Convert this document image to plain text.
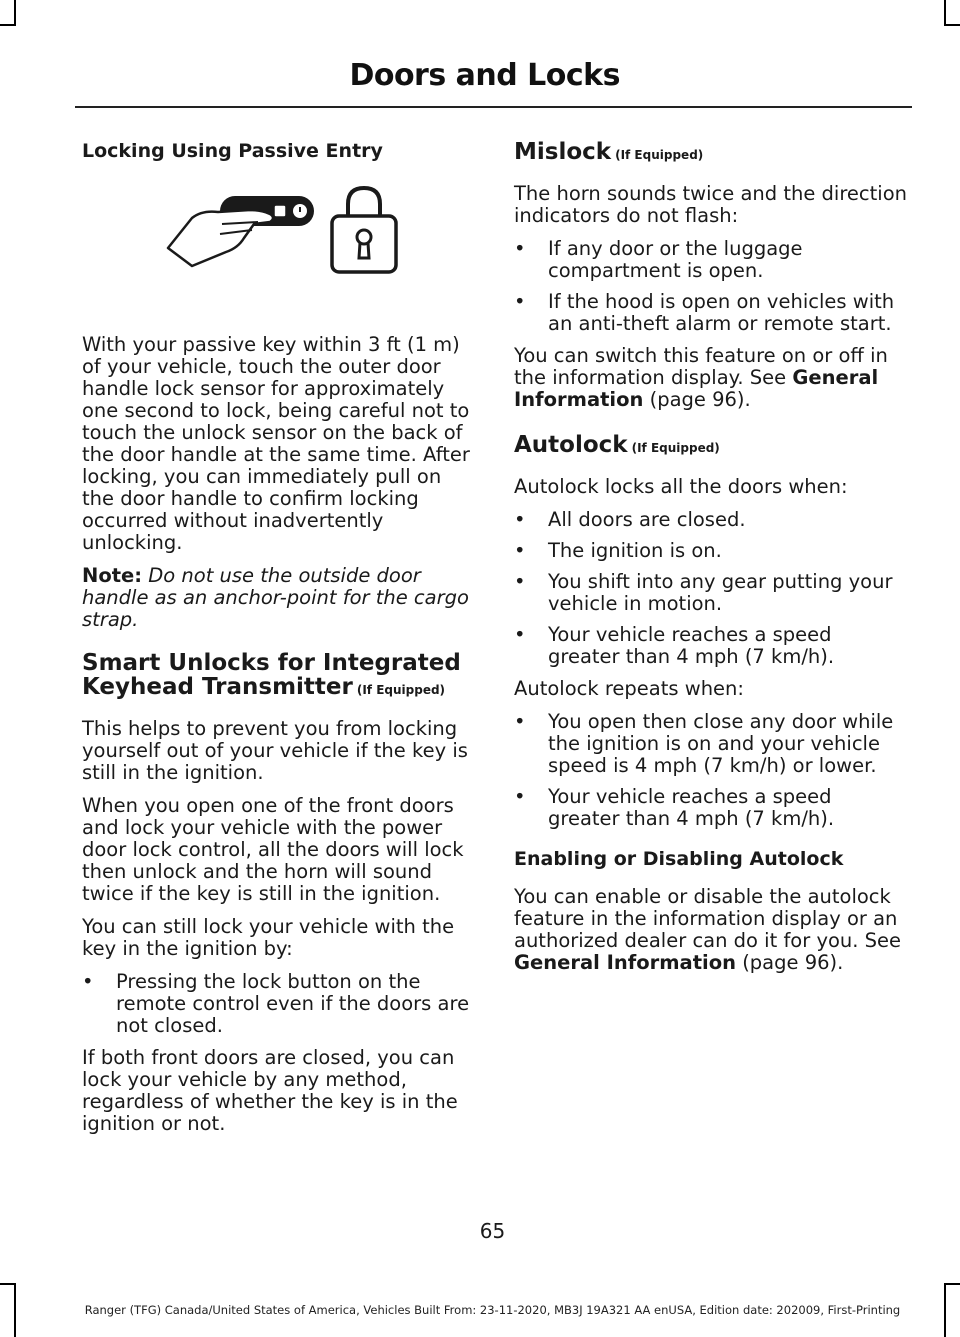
Doors and Locks
Locking Using Passive Entry
With your passive key within 3 ft (1 m) of your vehicle, touch the outer door handle lock sensor for approximately one second to lock, being careful not to touch the unlock sensor on the back of the door handle at the same time. After locking, you can immediately pull on the door handle to confirm locking occurred without inadvertently unlocking.
Note: Do not use the outside door handle as an anchor-point for the cargo strap.
Smart Unlocks for Integrated Keyhead Transmitter (If Equipped)
This helps to prevent you from locking yourself out of your vehicle if the key is still in the ignition.
When you open one of the front doors and lock your vehicle with the power door lock control, all the doors will lock then unlock and the horn will sound twice if the key is still in the ignition.
You can still lock your vehicle with the key in the ignition by:
• Pressing the lock button on the remote control even if the doors are not closed.
If both front doors are closed, you can lock your vehicle by any method, regardless of whether the key is in the ignition or not.
Mislock (If Equipped)
The horn sounds twice and the direction indicators do not flash:
• If any door or the luggage compartment is open.
• If the hood is open on vehicles with an anti-theft alarm or remote start.
You can switch this feature on or off in the information display. See General Information (page 96).
Autolock (If Equipped)
Autolock locks all the doors when:
• All doors are closed.
• The ignition is on.
• You shift into any gear putting your vehicle in motion.
• Your vehicle reaches a speed greater than 4 mph (7 km/h).
Autolock repeats when:
• You open then close any door while the ignition is on and your vehicle speed is 4 mph (7 km/h) or lower.
• Your vehicle reaches a speed greater than 4 mph (7 km/h).
Enabling or Disabling Autolock
You can enable or disable the autolock feature in the information display or an authorized dealer can do it for you. See General Information (page 96).
65
Ranger (TFG) Canada/United States of America, Vehicles Built From: 23-11-2020, MB3J 19A321 AA enUSA, Edition date: 202009, First-Printing
